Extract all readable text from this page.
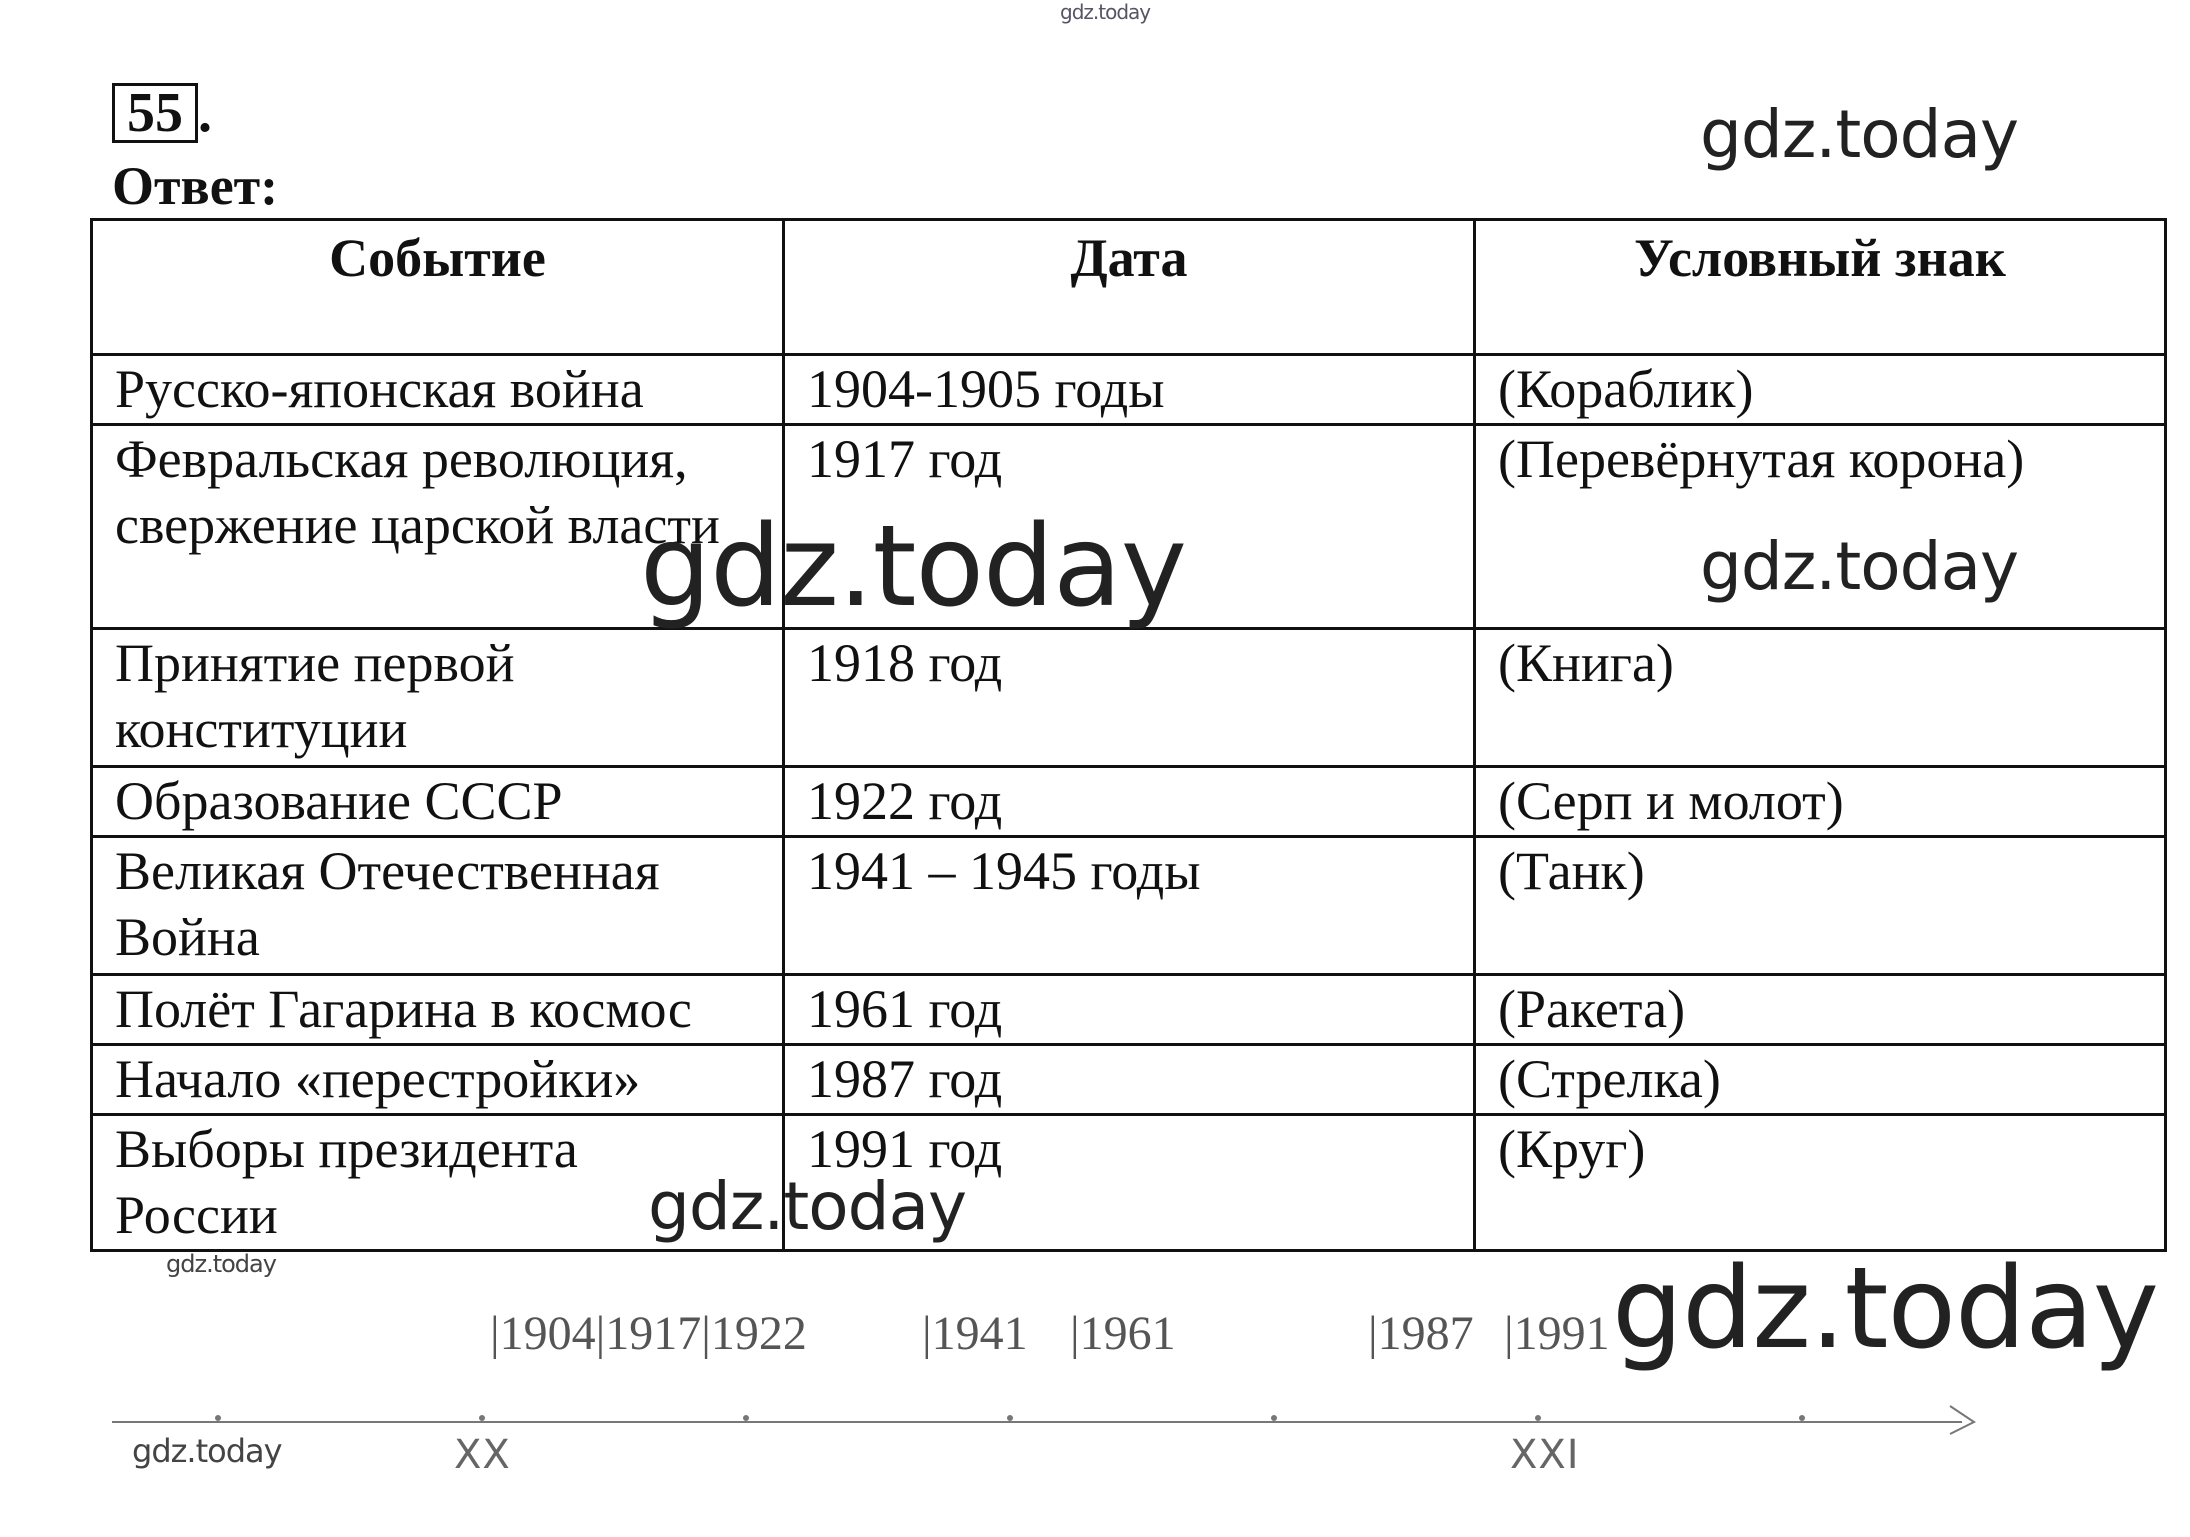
gdz.today
gdz.today
55 .
Ответ:
Событие	Дата	Условный знак
Русско-японская война	1904-1905 годы	(Кораблик)
Февральская революция, свержение царской власти	1917 год	(Перевёрнутая корона)
Принятие первой конституции	1918 год	(Книга)
Образование СССР	1922 год	(Серп и молот)
Великая Отечественная Война	1941 – 1945 годы	(Танк)
Полёт Гагарина в космос	1961 год	(Ракета)
Начало «перестройки»	1987 год	(Стрелка)
Выборы президента России	1991 год	(Круг)
gdz.today	gdz.today
gdz.today
gdz.today
|1904|1917|1922 |1941 |1961	|1987 |1991 gdz.today
XX	XXI
gdz.today
